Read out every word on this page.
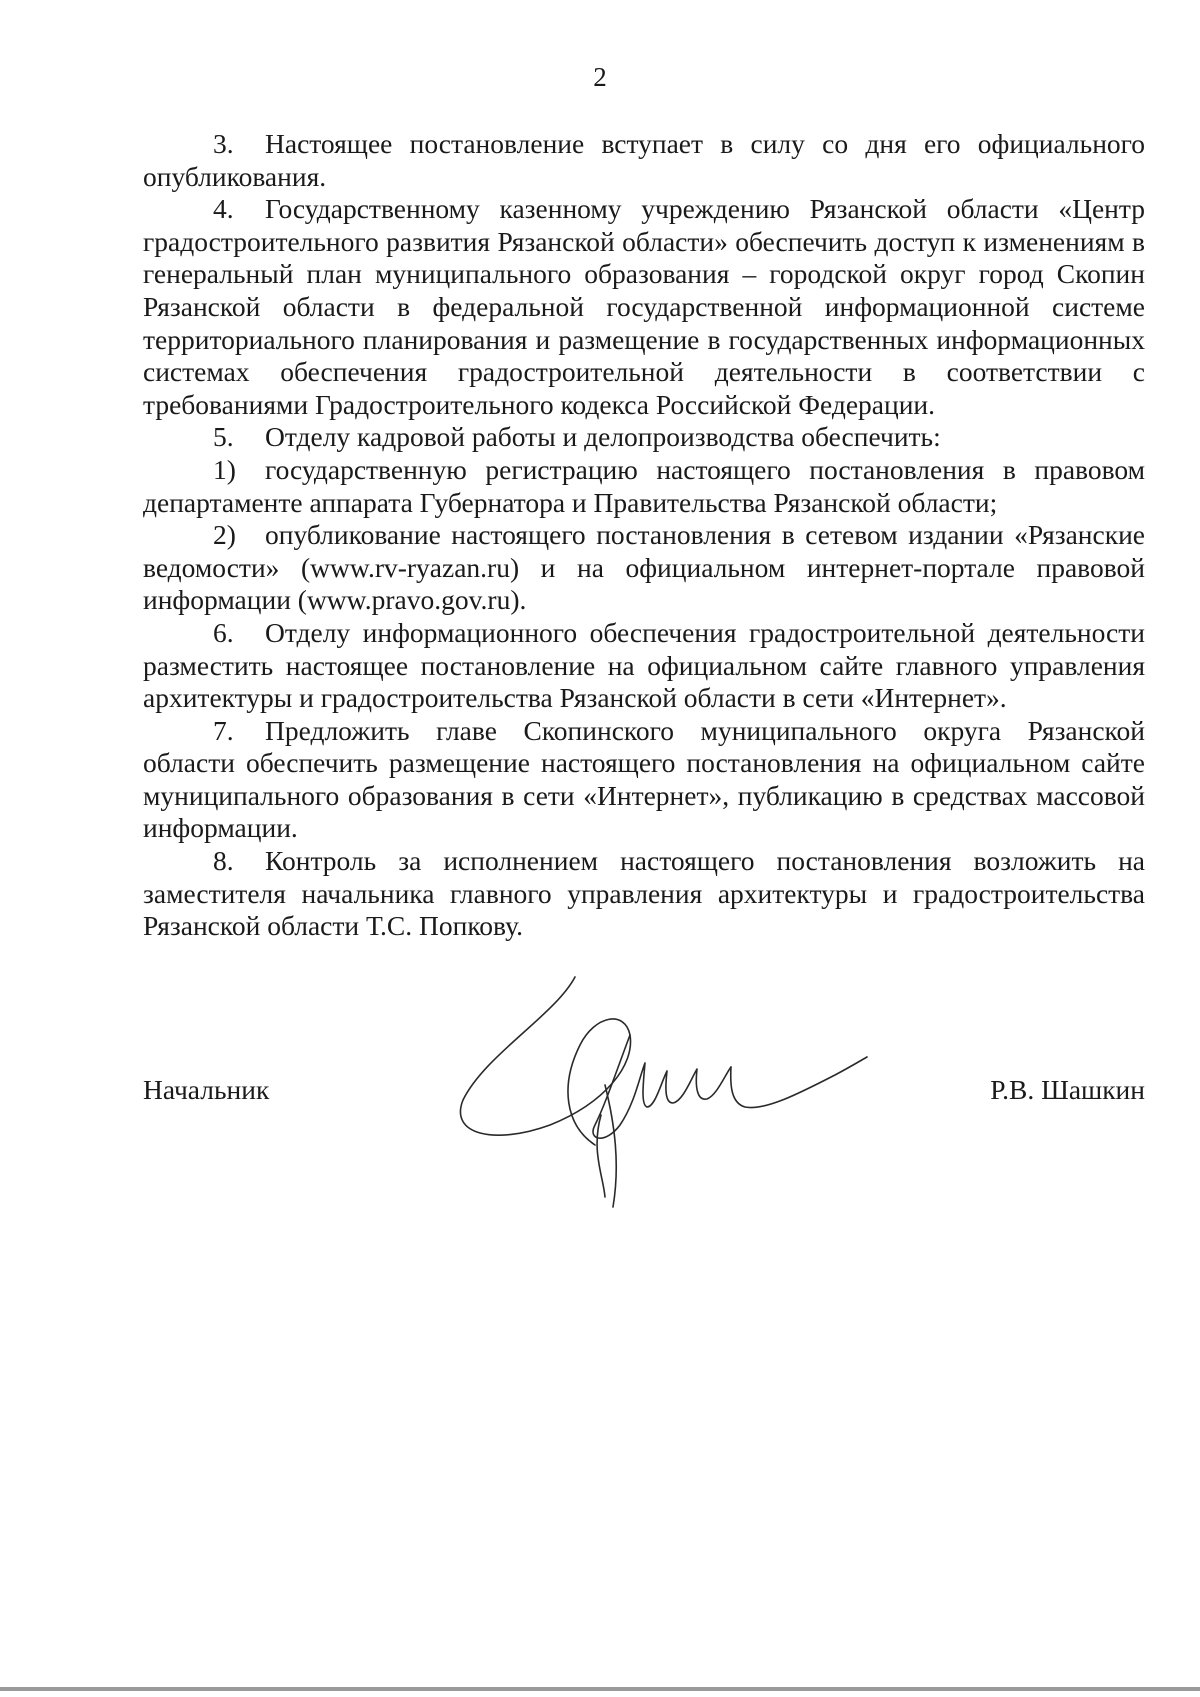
2

3. Настоящее постановление вступает в силу со дня его официального опубликования.

4. Государственному казенному учреждению Рязанской области «Центр градостроительного развития Рязанской области» обеспечить доступ к изменениям в генеральный план муниципального образования – городской округ город Скопин Рязанской области в федеральной государственной информационной системе территориального планирования и размещение в государственных информационных системах обеспечения градостроительной деятельности в соответствии с требованиями Градостроительного кодекса Российской Федерации.

5. Отделу кадровой работы и делопроизводства обеспечить:

1) государственную регистрацию настоящего постановления в правовом департаменте аппарата Губернатора и Правительства Рязанской области;

2) опубликование настоящего постановления в сетевом издании «Рязанские ведомости» (www.rv-ryazan.ru) и на официальном интернет-портале правовой информации (www.pravo.gov.ru).

6. Отделу информационного обеспечения градостроительной деятельности разместить настоящее постановление на официальном сайте главного управления архитектуры и градостроительства Рязанской области в сети «Интернет».

7. Предложить главе Скопинского муниципального округа Рязанской области обеспечить размещение настоящего постановления на официальном сайте муниципального образования в сети «Интернет», публикацию в средствах массовой информации.

8. Контроль за исполнением настоящего постановления возложить на заместителя начальника главного управления архитектуры и градостроительства Рязанской области Т.С. Попкову.

Начальник	Р.В. Шашкин
